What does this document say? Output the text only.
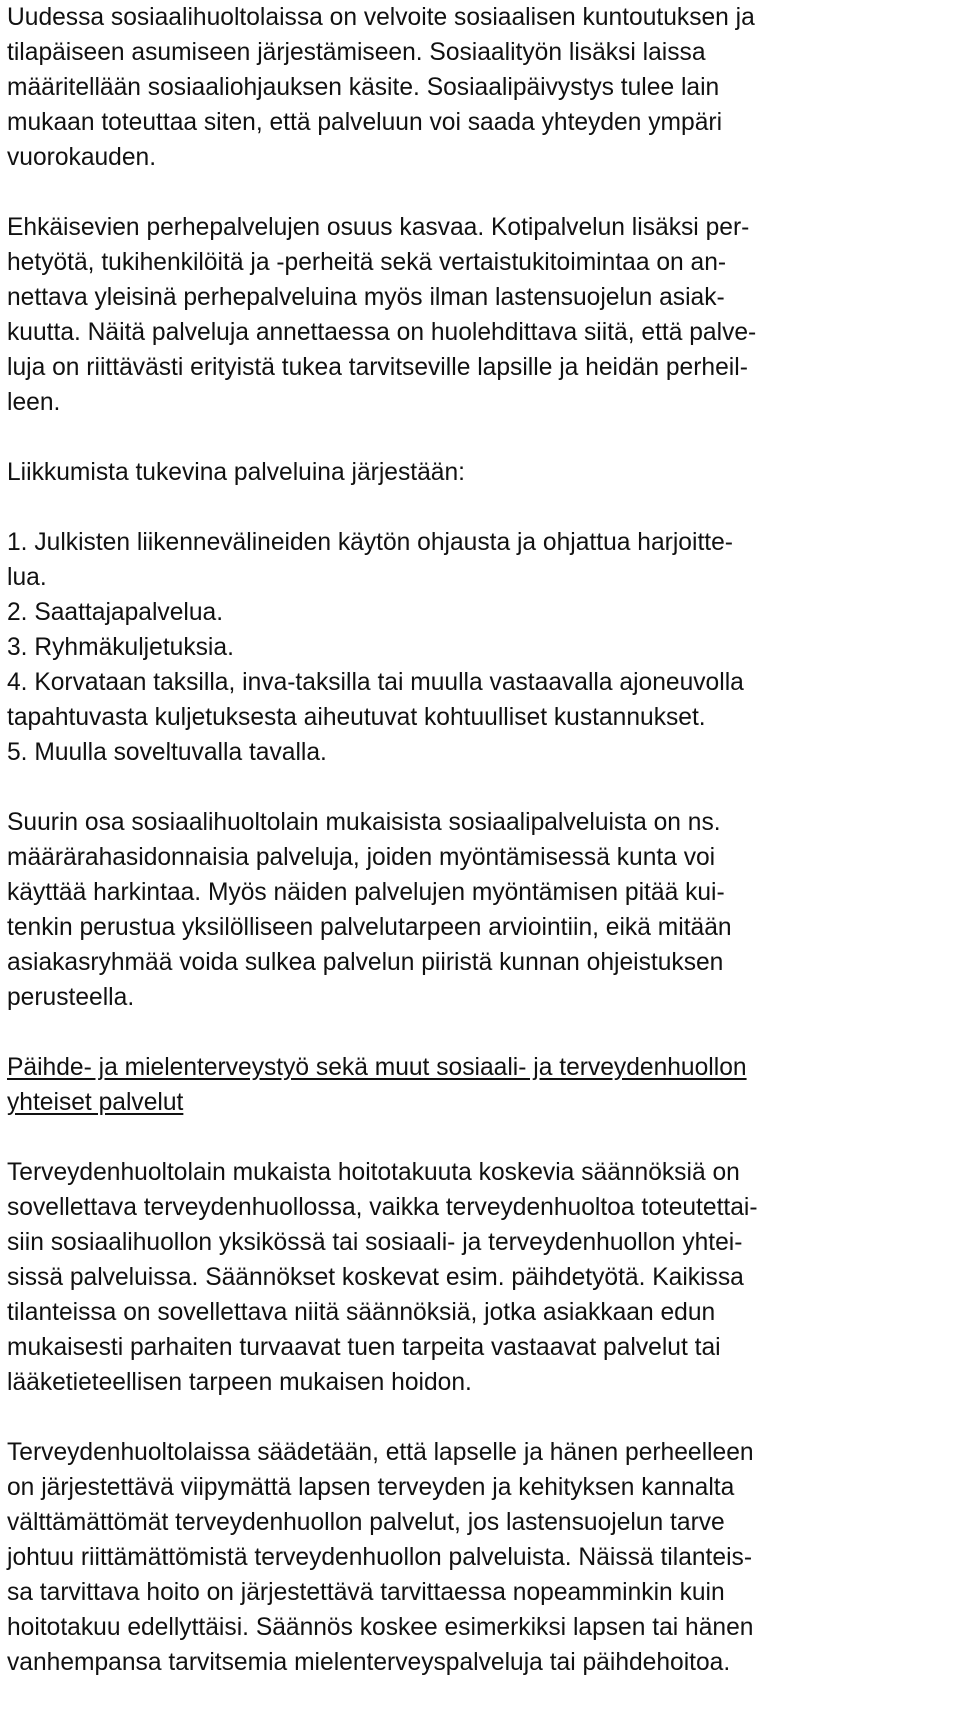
Uudessa sosiaalihuoltolaissa on velvoite sosiaalisen kuntoutuksen ja
tilapäiseen asumiseen järjestämiseen. Sosiaalityön lisäksi laissa
määritellään sosiaaliohjauksen käsite. Sosiaalipäivystys tulee lain
mukaan toteuttaa siten, että palveluun voi saada yhteyden ympäri
vuorokauden.
Ehkäisevien perhepalvelujen osuus kasvaa. Kotipalvelun lisäksi per-
hetyötä, tukihenkilöitä ja -perheitä sekä vertaistukitoimintaa on an-
nettava yleisinä perhepalveluina myös ilman lastensuojelun asiak-
kuutta. Näitä palveluja annettaessa on huolehdittava siitä, että palve-
luja on riittävästi erityistä tukea tarvitseville lapsille ja heidän perheil-
leen.
Liikkumista tukevina palveluina järjestään:
1. Julkisten liikennevälineiden käytön ohjausta ja ohjattua harjoitte-
lua.
2. Saattajapalvelua.
3. Ryhmäkuljetuksia.
4. Korvataan taksilla, inva-taksilla tai muulla vastaavalla ajoneuvolla
tapahtuvasta kuljetuksesta aiheutuvat kohtuulliset kustannukset.
5. Muulla soveltuvalla tavalla.
Suurin osa sosiaalihuoltolain mukaisista sosiaalipalveluista on ns.
määrärahasidonnaisia palveluja, joiden myöntämisessä kunta voi
käyttää harkintaa. Myös näiden palvelujen myöntämisen pitää kui-
tenkin perustua yksilölliseen palvelutarpeen arviointiin, eikä mitään
asiakasryhmää voida sulkea palvelun piiristä kunnan ohjeistuksen
perusteella.
Päihde- ja mielenterveystyö sekä muut sosiaali- ja terveydenhuollon
yhteiset palvelut
Terveydenhuoltolain mukaista hoitotakuuta koskevia säännöksiä on
sovellettava terveydenhuollossa, vaikka terveydenhuoltoa toteutettai-
siin sosiaalihuollon yksikössä tai sosiaali- ja terveydenhuollon yhtei-
sissä palveluissa. Säännökset koskevat esim. päihdetyötä. Kaikissa
tilanteissa on sovellettava niitä säännöksiä, jotka asiakkaan edun
mukaisesti parhaiten turvaavat tuen tarpeita vastaavat palvelut tai
lääketieteellisen tarpeen mukaisen hoidon.
Terveydenhuoltolaissa säädetään, että lapselle ja hänen perheelleen
on järjestettävä viipymättä lapsen terveyden ja kehityksen kannalta
välttämättömät terveydenhuollon palvelut, jos lastensuojelun tarve
johtuu riittämättömistä terveydenhuollon palveluista. Näissä tilanteis-
sa tarvittava hoito on järjestettävä tarvittaessa nopeamminkin kuin
hoitotakuu edellyttäisi. Säännös koskee esimerkiksi lapsen tai hänen
vanhempansa tarvitsemia mielenterveyspalveluja tai päihdehoitoa.
